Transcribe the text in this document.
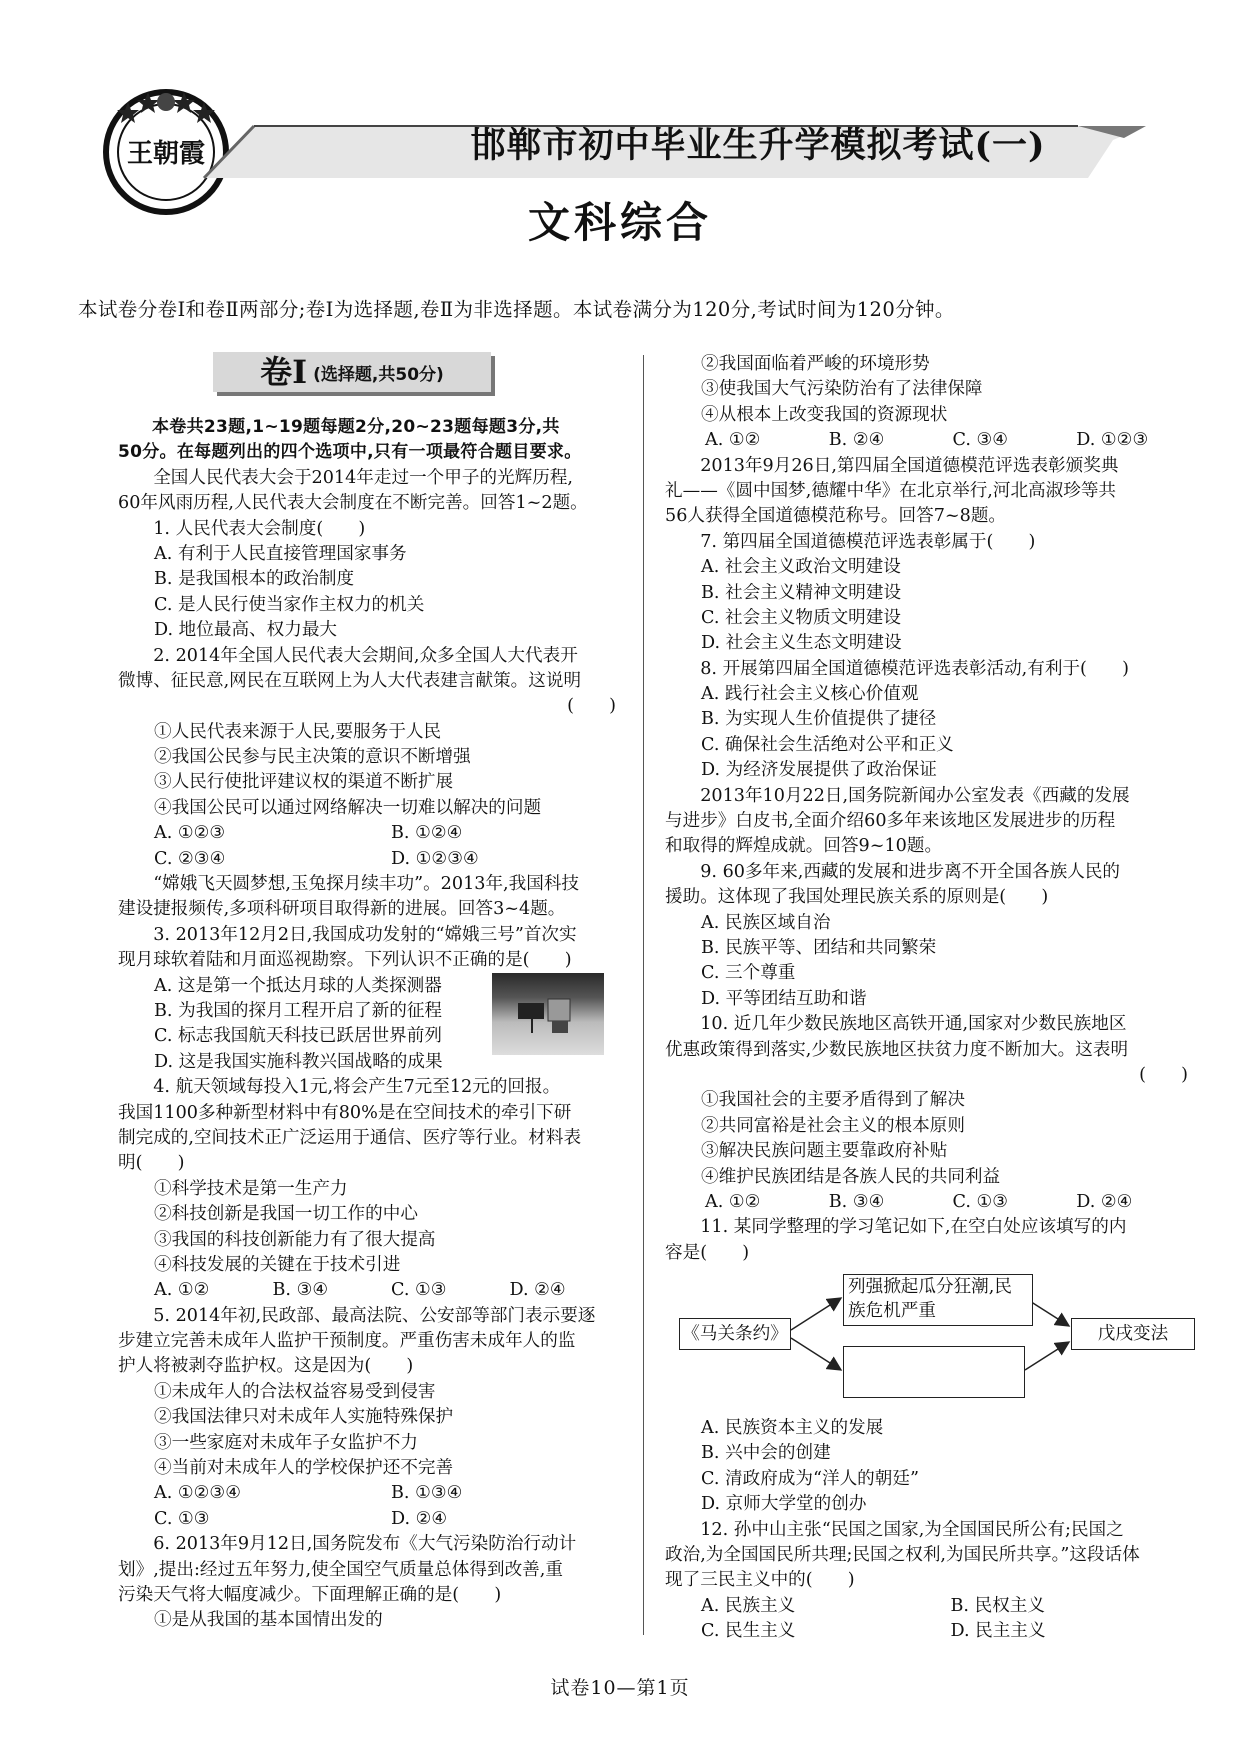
王朝霞	邯郸市初中毕业生升学模拟考试(一)
文科综合
本试卷分卷Ⅰ和卷Ⅱ两部分;卷Ⅰ为选择题,卷Ⅱ为非选择题。本试卷满分为120分,考试时间为120分钟。
卷Ⅰ (选择题,共50分)
本卷共23题,1~19题每题2分,20~23题每题3分,共
50分。在每题列出的四个选项中,只有一项最符合题目要求。
全国人民代表大会于2014年走过一个甲子的光辉历程,
60年风雨历程,人民代表大会制度在不断完善。回答1~2题。
1. 人民代表大会制度(　　)
A. 有利于人民直接管理国家事务
B. 是我国根本的政治制度
C. 是人民行使当家作主权力的机关
D. 地位最高、权力最大
2. 2014年全国人民代表大会期间,众多全国人大代表开
微博、征民意,网民在互联网上为人大代表建言献策。这说明
(　　)
①人民代表来源于人民,要服务于人民
②我国公民参与民主决策的意识不断增强
③人民行使批评建议权的渠道不断扩展
④我国公民可以通过网络解决一切难以解决的问题
A. ①②③	B. ①②④
C. ②③④	D. ①②③④
“嫦娥飞天圆梦想,玉兔探月续丰功”。2013年,我国科技
建设捷报频传,多项科研项目取得新的进展。回答3~4题。
3. 2013年12月2日,我国成功发射的“嫦娥三号”首次实
现月球软着陆和月面巡视勘察。下列认识不正确的是(　　)
A. 这是第一个抵达月球的人类探测器
B. 为我国的探月工程开启了新的征程
C. 标志我国航天科技已跃居世界前列
D. 这是我国实施科教兴国战略的成果
4. 航天领域每投入1元,将会产生7元至12元的回报。
我国1100多种新型材料中有80%是在空间技术的牵引下研
制完成的,空间技术正广泛运用于通信、医疗等行业。材料表
明(　　)
①科学技术是第一生产力
②科技创新是我国一切工作的中心
③我国的科技创新能力有了很大提高
④科技发展的关键在于技术引进
A. ①②	B. ③④	C. ①③	D. ②④
5. 2014年初,民政部、最高法院、公安部等部门表示要逐
步建立完善未成年人监护干预制度。严重伤害未成年人的监
护人将被剥夺监护权。这是因为(　　)
①未成年人的合法权益容易受到侵害
②我国法律只对未成年人实施特殊保护
③一些家庭对未成年子女监护不力
④当前对未成年人的学校保护还不完善
A. ①②③④	B. ①③④
C. ①③	D. ②④
6. 2013年9月12日,国务院发布《大气污染防治行动计
划》,提出:经过五年努力,使全国空气质量总体得到改善,重
污染天气将大幅度减少。下面理解正确的是(　　)
①是从我国的基本国情出发的
②我国面临着严峻的环境形势
③使我国大气污染防治有了法律保障
④从根本上改变我国的资源现状
A. ①②	B. ②④	C. ③④	D. ①②③
2013年9月26日,第四届全国道德模范评选表彰颁奖典
礼——《圆中国梦,德耀中华》在北京举行,河北高淑珍等共
56人获得全国道德模范称号。回答7~8题。
7. 第四届全国道德模范评选表彰属于(　　)
A. 社会主义政治文明建设
B. 社会主义精神文明建设
C. 社会主义物质文明建设
D. 社会主义生态文明建设
8. 开展第四届全国道德模范评选表彰活动,有利于(　　)
A. 践行社会主义核心价值观
B. 为实现人生价值提供了捷径
C. 确保社会生活绝对公平和正义
D. 为经济发展提供了政治保证
2013年10月22日,国务院新闻办公室发表《西藏的发展
与进步》白皮书,全面介绍60多年来该地区发展进步的历程
和取得的辉煌成就。回答9~10题。
9. 60多年来,西藏的发展和进步离不开全国各族人民的
援助。这体现了我国处理民族关系的原则是(　　)
A. 民族区域自治
B. 民族平等、团结和共同繁荣
C. 三个尊重
D. 平等团结互助和谐
10. 近几年少数民族地区高铁开通,国家对少数民族地区
优惠政策得到落实,少数民族地区扶贫力度不断加大。这表明
(　　)
①我国社会的主要矛盾得到了解决
②共同富裕是社会主义的根本原则
③解决民族问题主要靠政府补贴
④维护民族团结是各族人民的共同利益
A. ①②	B. ③④	C. ①③	D. ②④
11. 某同学整理的学习笔记如下,在空白处应该填写的内
容是(　　)
《马关条约》
列强掀起瓜分狂潮,民族危机严重
戊戌变法
A. 民族资本主义的发展
B. 兴中会的创建
C. 清政府成为“洋人的朝廷”
D. 京师大学堂的创办
12. 孙中山主张“民国之国家,为全国国民所公有;民国之
政治,为全国国民所共理;民国之权利,为国民所共享。”这段话体
现了三民主义中的(　　)
A. 民族主义	B. 民权主义
C. 民生主义	D. 民主主义
试卷10—第1页
